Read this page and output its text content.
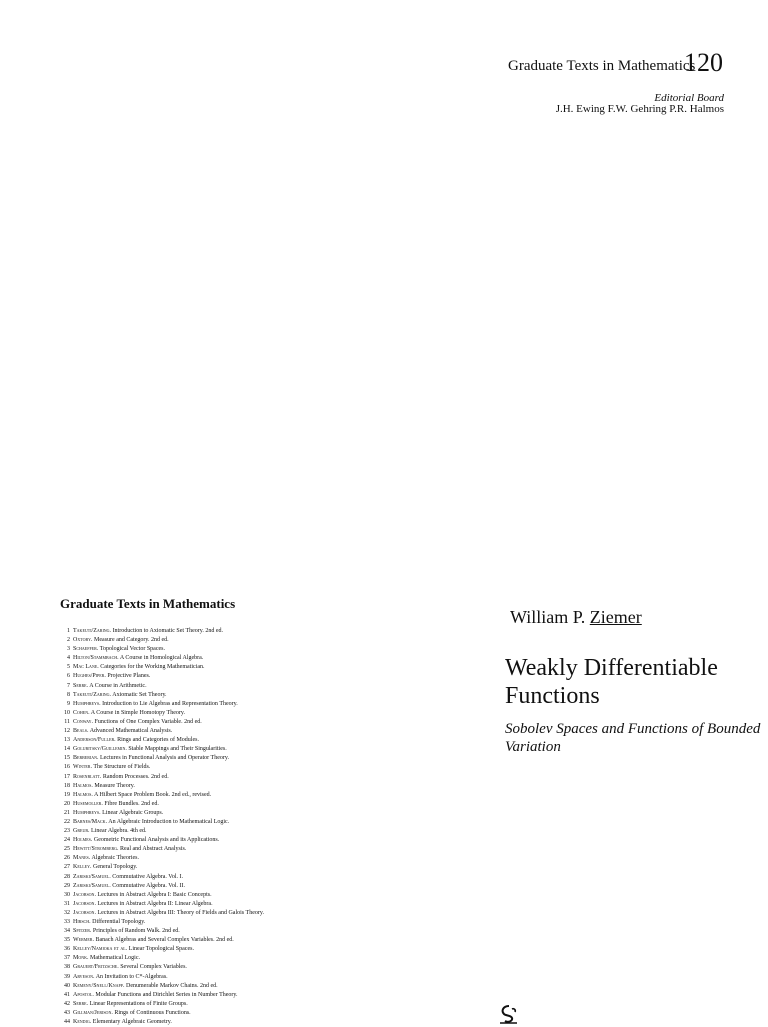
Graduate Texts in Mathematics
120
Editorial Board
J.H. Ewing F.W. Gehring P.R. Halmos
Graduate Texts in Mathematics
1 Takeuti/Zaring. Introduction to Axiomatic Set Theory. 2nd ed.
2 Oxtoby. Measure and Category. 2nd ed.
3 Schaeffer. Topological Vector Spaces.
4 Hilton/Stammbach. A Course in Homological Algebra.
5 Mac Lane. Categories for the Working Mathematician.
6 Hughes/Piper. Projective Planes.
7 Serre. A Course in Arithmetic.
8 Takeuti/Zaring. Axiomatic Set Theory.
9 Humphreys. Introduction to Lie Algebras and Representation Theory.
10 Cohen. A Course in Simple Homotopy Theory.
11 Conway. Functions of One Complex Variable. 2nd ed.
12 Beals. Advanced Mathematical Analysis.
13 Anderson/Fuller. Rings and Categories of Modules.
14 Golubitsky/Guillemin. Stable Mappings and Their Singularities.
15 Berberian. Lectures in Functional Analysis and Operator Theory.
16 Winter. The Structure of Fields.
17 Rosenblatt. Random Processes. 2nd ed.
18 Halmos. Measure Theory.
19 Halmos. A Hilbert Space Problem Book. 2nd ed., revised.
20 Husemoller. Fibre Bundles. 2nd ed.
21 Humphreys. Linear Algebraic Groups.
22 Barnes/Mack. An Algebraic Introduction to Mathematical Logic.
23 Greub. Linear Algebra. 4th ed.
24 Holmes. Geometric Functional Analysis and its Applications.
25 Hewitt/Stromberg. Real and Abstract Analysis.
26 Manes. Algebraic Theories.
27 Kelley. General Topology.
28 Zariski/Samuel. Commutative Algebra. Vol. I.
29 Zariski/Samuel. Commutative Algebra. Vol. II.
30 Jacobson. Lectures in Abstract Algebra I: Basic Concepts.
31 Jacobson. Lectures in Abstract Algebra II: Linear Algebra.
32 Jacobson. Lectures in Abstract Algebra III: Theory of Fields and Galois Theory.
33 Hirsch. Differential Topology.
34 Spitzer. Principles of Random Walk. 2nd ed.
35 Wermer. Banach Algebras and Several Complex Variables. 2nd ed.
36 Kelley/Namioka et al. Linear Topological Spaces.
37 Monk. Mathematical Logic.
38 Grauert/Fritzsche. Several Complex Variables.
39 Arveson. An Invitation to C*-Algebras.
40 Kemeny/Snell/Knapp. Denumerable Markov Chains. 2nd ed.
41 Apostol. Modular Functions and Dirichlet Series in Number Theory.
42 Serre. Linear Representations of Finite Groups.
43 Gillman/Jerison. Rings of Continuous Functions.
44 Kendig. Elementary Algebraic Geometry.
William P. Ziemer
Weakly Differentiable Functions
Sobolev Spaces and Functions of Bounded Variation
